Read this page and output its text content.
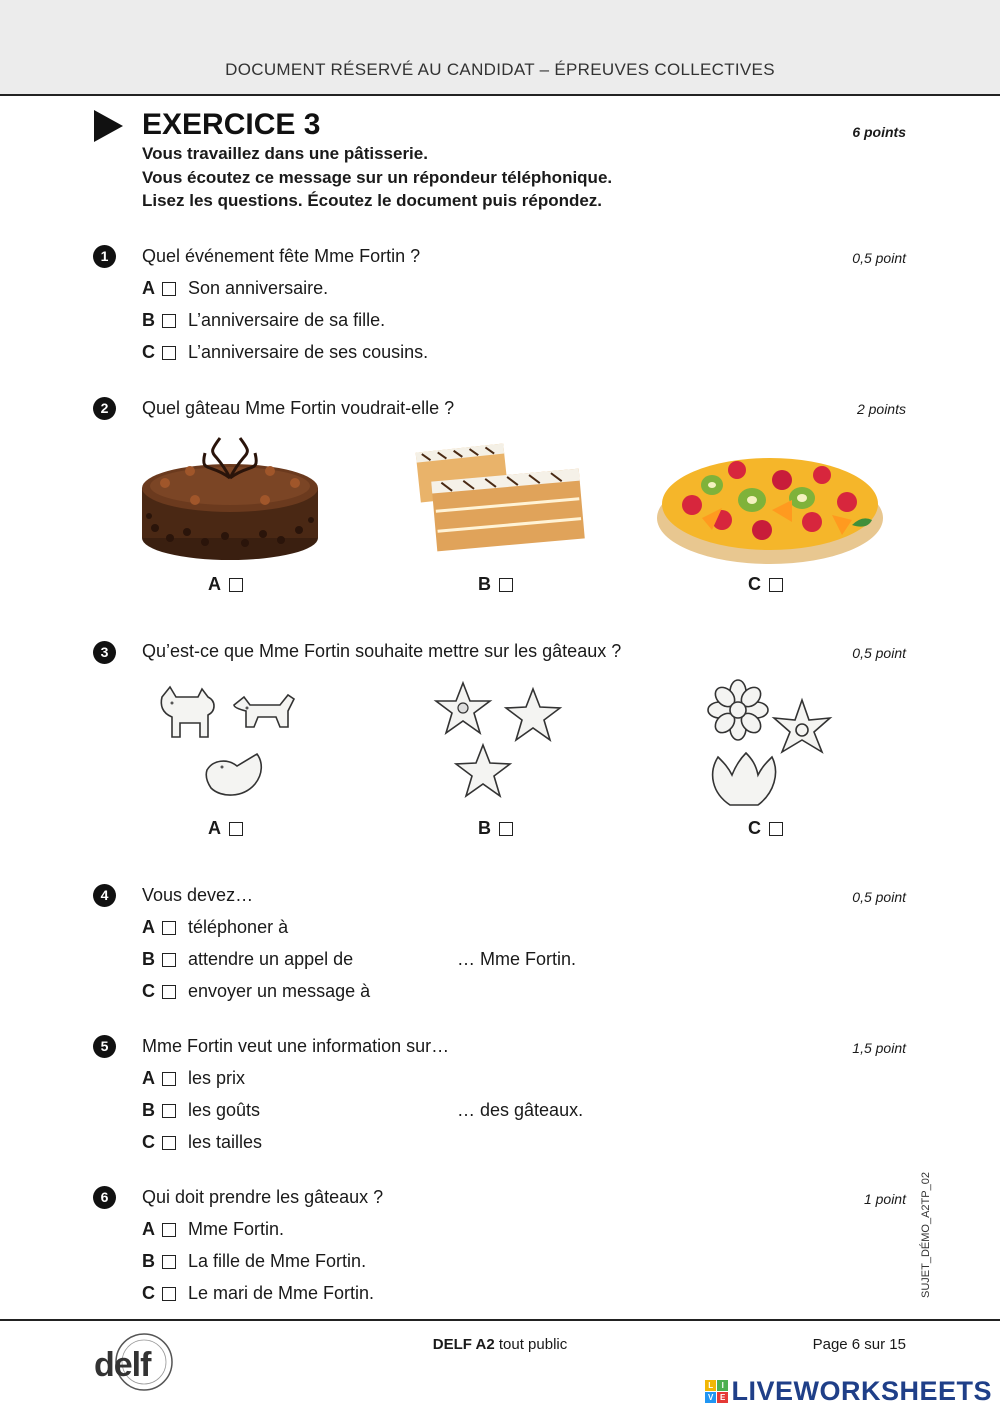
DOCUMENT RÉSERVÉ AU CANDIDAT – ÉPREUVES COLLECTIVES
EXERCICE 3	6 points
Vous travaillez dans une pâtisserie.
Vous écoutez ce message sur un répondeur téléphonique.
Lisez les questions. Écoutez le document puis répondez.
1	Quel événement fête Mme Fortin ?	0,5 point
A	Son anniversaire.
B	L’anniversaire de sa fille.
C	L’anniversaire de ses cousins.
2	Quel gâteau Mme Fortin voudrait-elle ?	2 points
A	B	C
3	Qu’est-ce que Mme Fortin souhaite mettre sur les gâteaux ?	0,5 point
A	B	C
4	Vous devez…	0,5 point
A	téléphoner à
B	attendre un appel de	… Mme Fortin.
C	envoyer un message à
5	Mme Fortin veut une information sur…	1,5 point
A	les prix
B	les goûts	… des gâteaux.
C	les tailles
6	Qui doit prendre les gâteaux ?	1 point
A	Mme Fortin.
B	La fille de Mme Fortin.
C	Le mari de Mme Fortin.	SUJET_DÉMO_A2TP_02
DELF A2 tout public	Page 6 sur 15
delf
L I
V E LIVEWORKSHEETS
